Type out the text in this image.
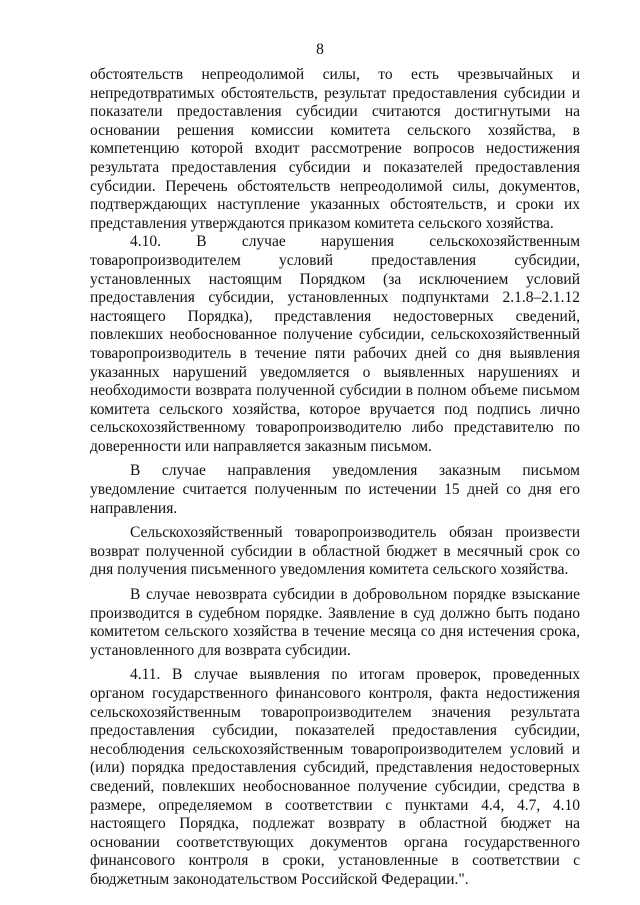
8

обстоятельств непреодолимой силы, то есть чрезвычайных и непредотвратимых обстоятельств, результат предоставления субсидии и показатели предоставления субсидии считаются достигнутыми на основании решения комиссии комитета сельского хозяйства, в компетенцию которой входит рассмотрение вопросов недостижения результата предоставления субсидии и показателей предоставления субсидии. Перечень обстоятельств непреодолимой силы, документов, подтверждающих наступление указанных обстоятельств, и сроки их представления утверждаются приказом комитета сельского хозяйства.

4.10. В случае нарушения сельскохозяйственным товаропроизводителем условий предоставления субсидии, установленных настоящим Порядком (за исключением условий предоставления субсидии, установленных подпунктами 2.1.8–2.1.12 настоящего Порядка), представления недостоверных сведений, повлекших необоснованное получение субсидии, сельскохозяйственный товаропроизводитель в течение пяти рабочих дней со дня выявления указанных нарушений уведомляется о выявленных нарушениях и необходимости возврата полученной субсидии в полном объеме письмом комитета сельского хозяйства, которое вручается под подпись лично сельскохозяйственному товаропроизводителю либо представителю по доверенности или направляется заказным письмом.

В случае направления уведомления заказным письмом уведомление считается полученным по истечении 15 дней со дня его направления.

Сельскохозяйственный товаропроизводитель обязан произвести возврат полученной субсидии в областной бюджет в месячный срок со дня получения письменного уведомления комитета сельского хозяйства.

В случае невозврата субсидии в добровольном порядке взыскание производится в судебном порядке. Заявление в суд должно быть подано комитетом сельского хозяйства в течение месяца со дня истечения срока, установленного для возврата субсидии.

4.11. В случае выявления по итогам проверок, проведенных органом государственного финансового контроля, факта недостижения сельскохозяйственным товаропроизводителем значения результата предоставления субсидии, показателей предоставления субсидии, несоблюдения сельскохозяйственным товаропроизводителем условий и (или) порядка предоставления субсидий, представления недостоверных сведений, повлекших необоснованное получение субсидии, средства в размере, определяемом в соответствии с пунктами 4.4, 4.7, 4.10 настоящего Порядка, подлежат возврату в областной бюджет на основании соответствующих документов органа государственного финансового контроля в сроки, установленные в соответствии с бюджетным законодательством Российской Федерации.".
